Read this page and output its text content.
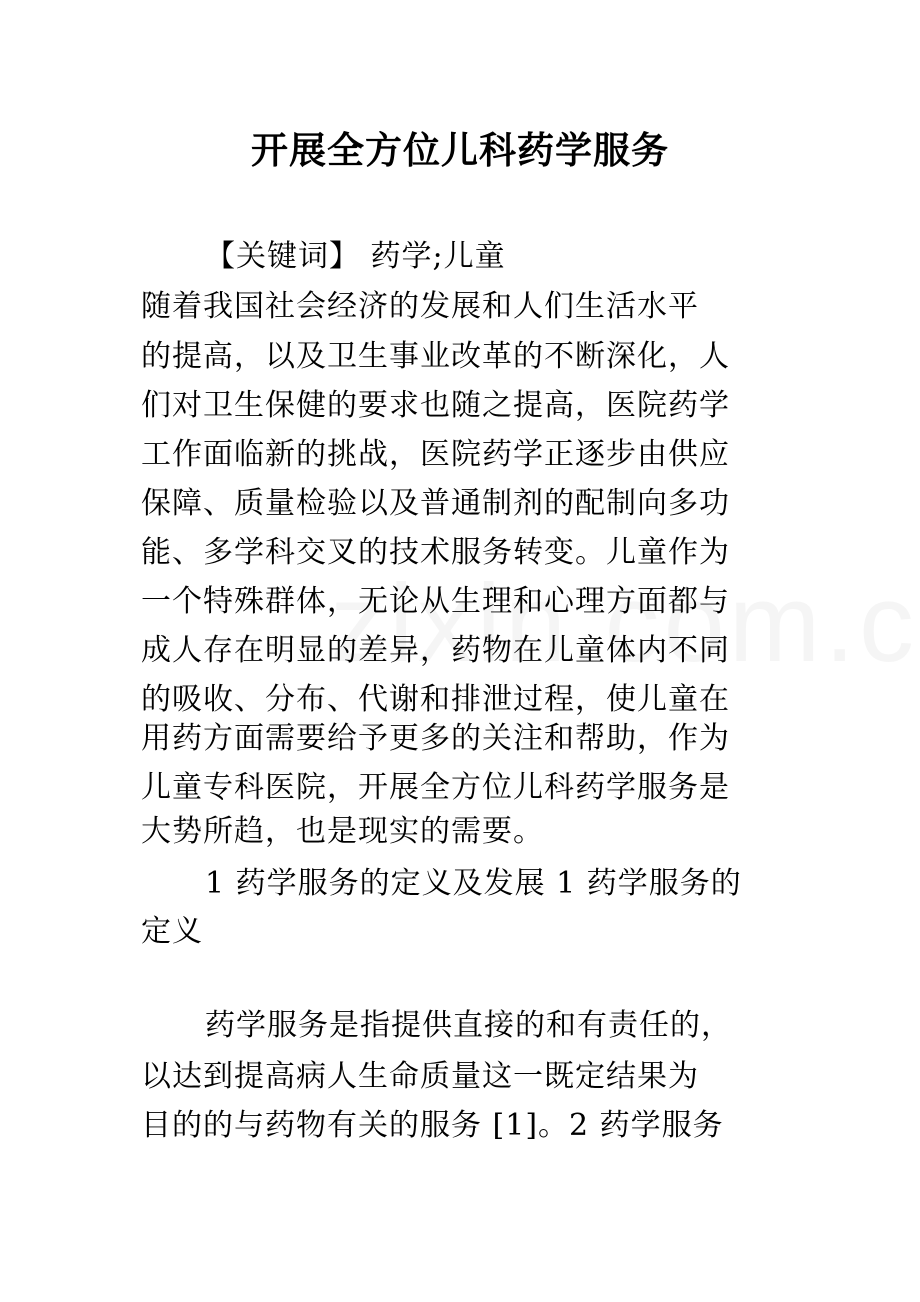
开展全方位儿科药学服务
【关键词】 药学;儿童
随着我国社会经济的发展和人们生活水平
的提高，以及卫生事业改革的不断深化，人
们对卫生保健的要求也随之提高，医院药学
工作面临新的挑战，医院药学正逐步由供应
保障、质量检验以及普通制剂的配制向多功
能、多学科交叉的技术服务转变。儿童作为
一个特殊群体，无论从生理和心理方面都与
成人存在明显的差异，药物在儿童体内不同
的吸收、分布、代谢和排泄过程，使儿童在
用药方面需要给予更多的关注和帮助，作为
儿童专科医院，开展全方位儿科药学服务是
大势所趋，也是现实的需要。
1 药学服务的定义及发展 1 药学服务的
定义
药学服务是指提供直接的和有责任的，
以达到提高病人生命质量这一既定结果为
目的的与药物有关的服务 [1]。2 药学服务
